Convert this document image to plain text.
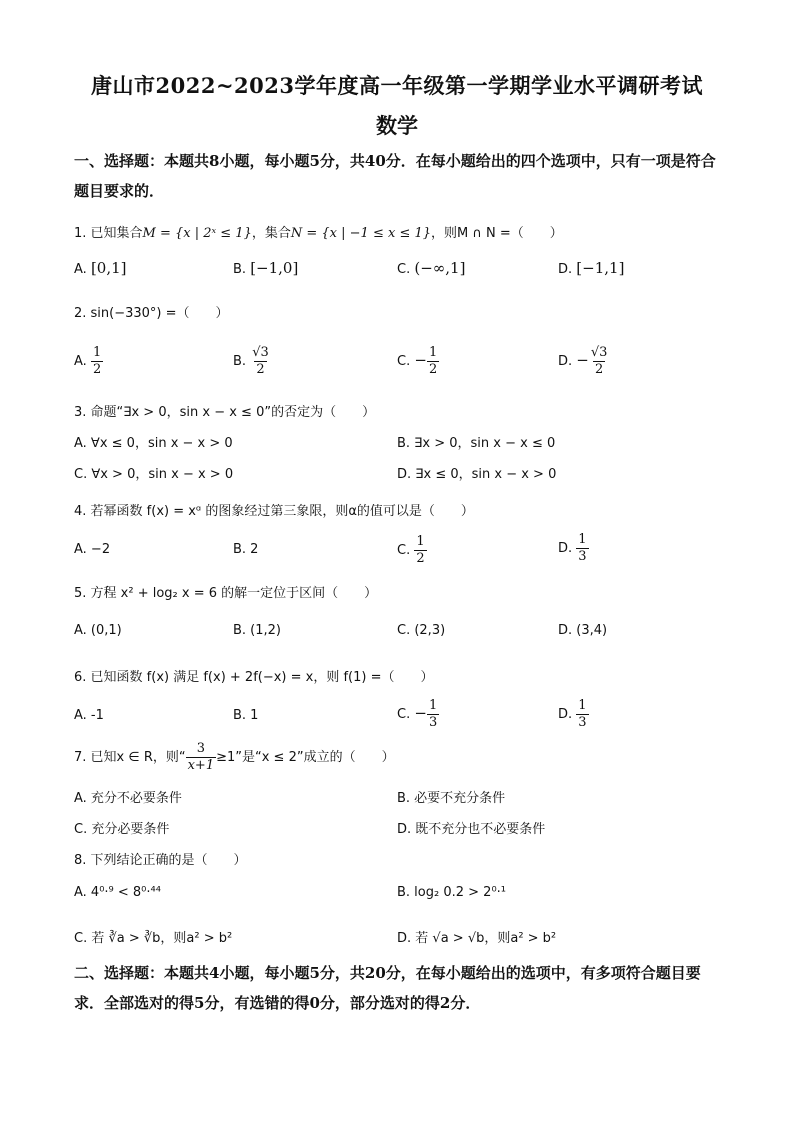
唐山市2022~2023学年度高一年级第一学期学业水平调研考试
数学
一、选择题：本题共8小题，每小题5分，共40分．在每小题给出的四个选项中，只有一项是符合题目要求的．
1. 已知集合M = {x | 2ˣ ≤ 1}，集合N = {x | −1 ≤ x ≤ 1}，则M ∩ N =（　　）
A. [0,1]	B. [−1,0]	C. (−∞,1]	D. [−1,1]
2. sin(−330°) =（　　）
A. $\frac{1}{2}$	B. $\frac{√3}{2}$	C. − $\frac{1}{2}$	D. − $\frac{√3}{2}$
3. 命题“∃x > 0，sin x − x ≤ 0”的否定为（　　）
A. ∀x ≤ 0，sin x − x > 0	B. ∃x > 0，sin x − x ≤ 0
C. ∀x > 0，sin x − x > 0	D. ∃x ≤ 0，sin x − x > 0
4. 若幂函数 f(x) = xᵅ 的图象经过第三象限，则α的值可以是（　　）
A. −2	B. 2	C. $\frac{1}{2}$	D. $\frac{1}{3}$
5. 方程 x² + log₂ x = 6 的解一定位于区间（　　）
A. (0,1)	B. (1,2)	C. (2,3)	D. (3,4)
6. 已知函数 f(x) 满足 f(x) + 2f(−x) = x，则 f(1) =（　　）
A. -1	B. 1	C. − $\frac{1}{3}$	D. $\frac{1}{3}$
7. 已知x ∈ R，则“ $\frac{3}{x+1} \ge 1$”是“x ≤ 2”成立的（　　）
A. 充分不必要条件	B. 必要不充分条件
C. 充分必要条件	D. 既不充分也不必要条件
8. 下列结论正确的是（　　）
A. 4⁰·⁹ < 8⁰·⁴⁴	B. log₂ 0.2 > 2⁰·¹
C. 若 ∛a > ∛b，则a² > b²	D. 若 √a > √b，则a² > b²
二、选择题：本题共4小题，每小题5分，共20分，在每小题给出的选项中，有多项符合题目要求．全部选对的得5分，有选错的得0分，部分选对的得2分．
